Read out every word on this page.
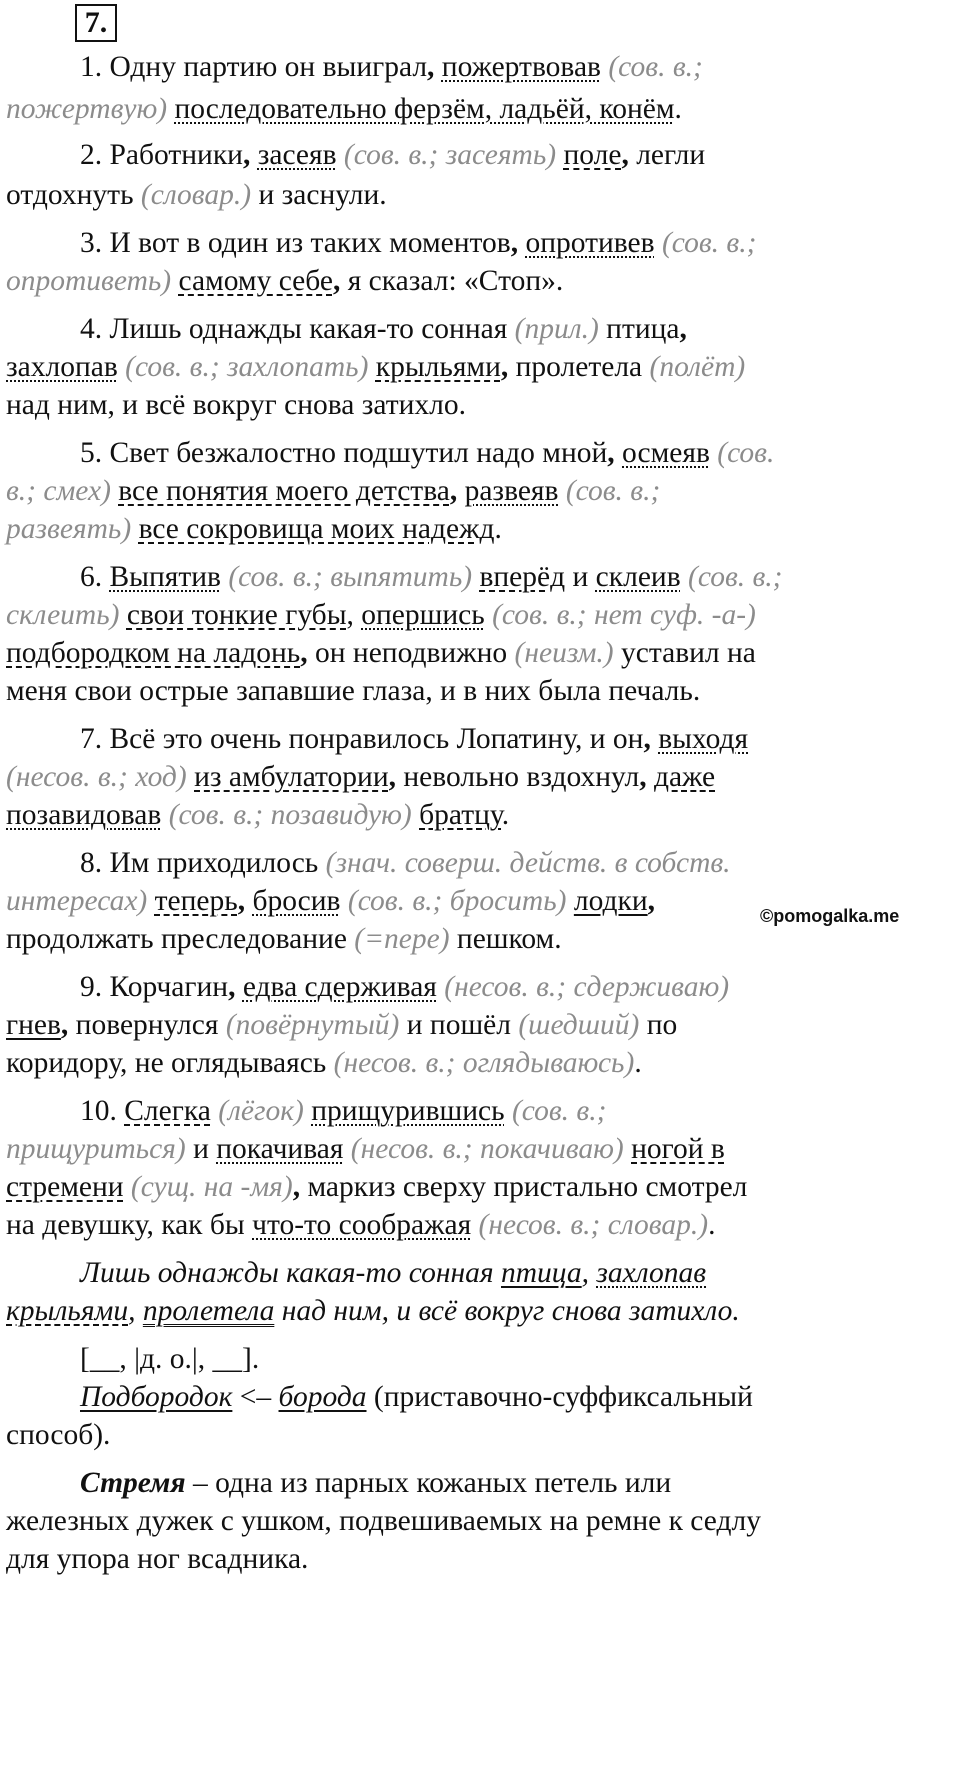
7.
1. Одну партию он выиграл, пожертвовав (сов. в.;
пожертвую) последовательно ферзём, ладьёй, конём.
2. Работники, засеяв (сов. в.; засеять) поле, легли
отдохнуть (словар.) и заснули.
3. И вот в один из таких моментов, опротивев (сов. в.;
опротиветь) самому себе, я сказал: «Стоп».
4. Лишь однажды какая-то сонная (прил.) птица,
захлопав (сов. в.; захлопать) крыльями, пролетела (полёт)
над ним, и всё вокруг снова затихло.
5. Свет безжалостно подшутил надо мной, осмеяв (сов.
в.; смех) все понятия моего детства, развеяв (сов. в.;
развеять) все сокровища моих надежд.
6. Выпятив (сов. в.; выпятить) вперёд и склеив (сов. в.;
склеить) свои тонкие губы, опершись (сов. в.; нет суф. -а-)
подбородком на ладонь, он неподвижно (неизм.) уставил на
меня свои острые запавшие глаза, и в них была печаль.
7. Всё это очень понравилось Лопатину, и он, выходя
(несов. в.; ход) из амбулатории, невольно вздохнул, даже
позавидовав (сов. в.; позавидую) братцу.
8. Им приходилось (знач. соверш. действ. в собств.
интересах) теперь, бросив (сов. в.; бросить) лодки,
продолжать преследование (=пере) пешком.
9. Корчагин, едва сдерживая (несов. в.; сдерживаю)
гнев, повернулся (повёрнутый) и пошёл (шедший) по
коридору, не оглядываясь (несов. в.; оглядываюсь).
10. Слегка (лёгок) прищурившись (сов. в.;
прищуриться) и покачивая (несов. в.; покачиваю) ногой в
стремени (сущ. на -мя), маркиз сверху пристально смотрел
на девушку, как бы что-то соображая (несов. в.; словар.).
Лишь однажды какая-то сонная птица, захлопав
крыльями, пролетела над ним, и всё вокруг снова затихло.
[__, |д. о.|, __].
Подбородок <– борода (приставочно-суффиксальный
способ).
Стремя – одна из парных кожаных петель или
железных дужек с ушком, подвешиваемых на ремне к седлу
для упора ног всадника.
©pomogalka.me
